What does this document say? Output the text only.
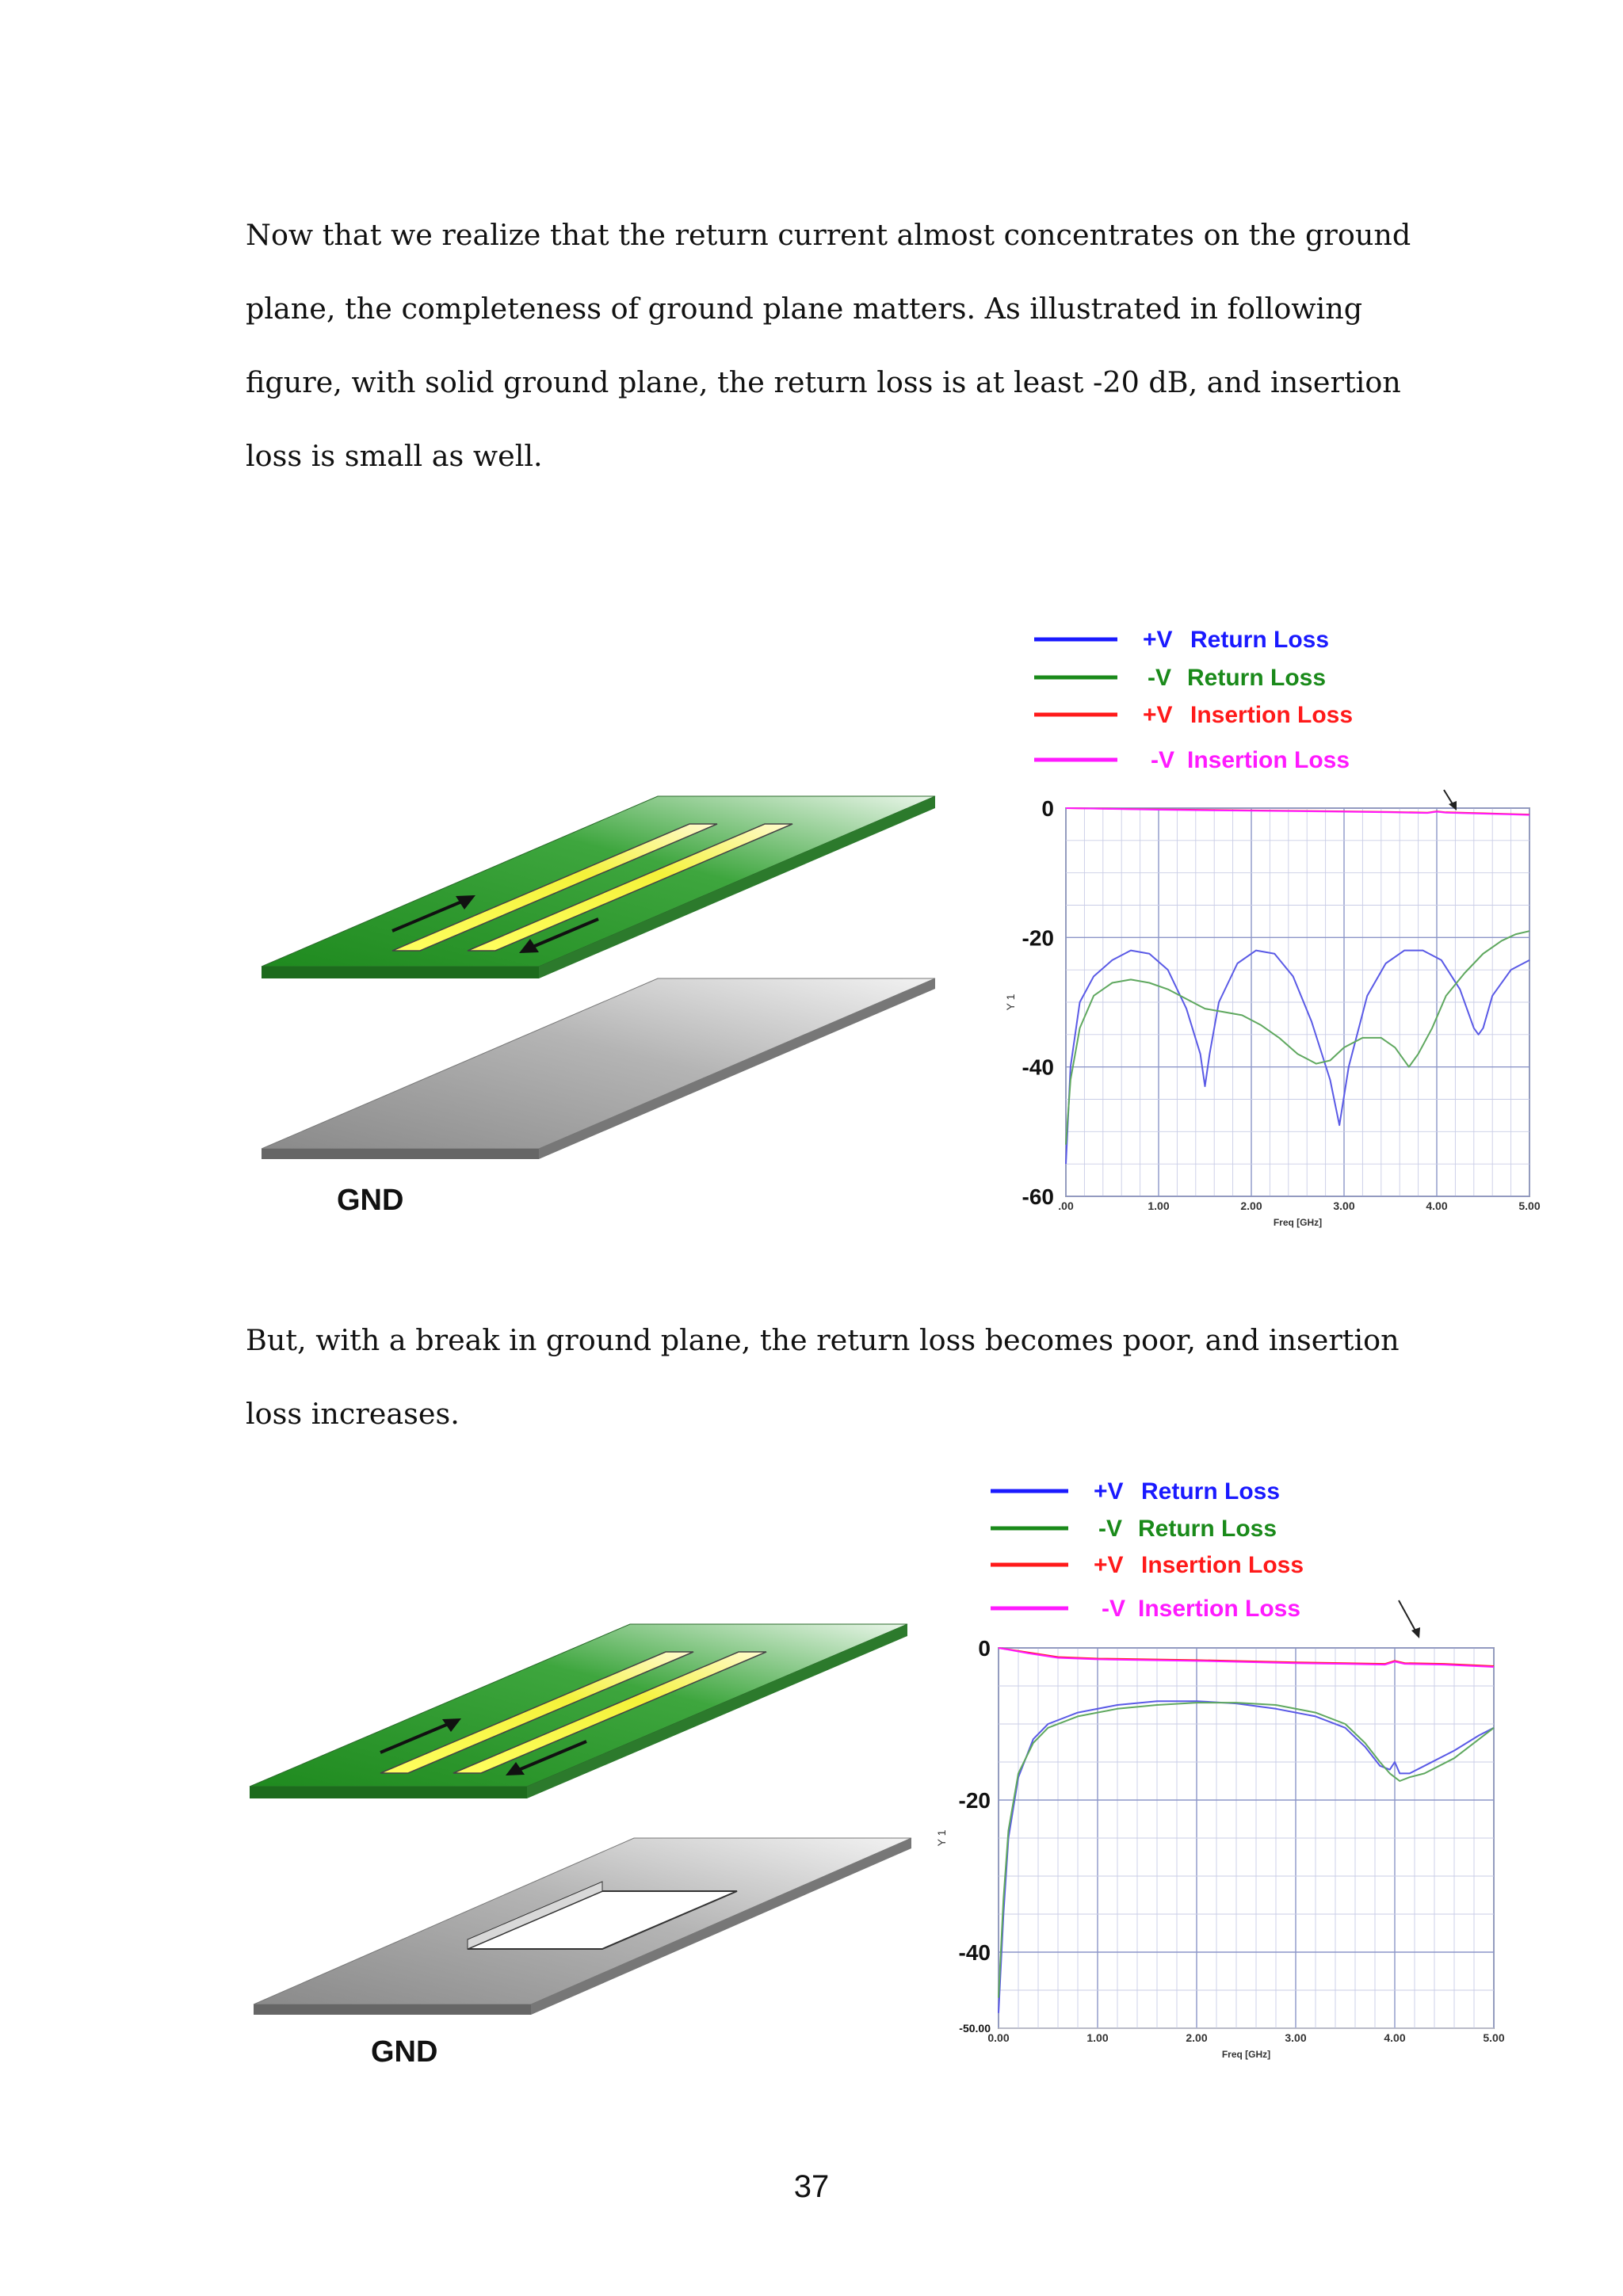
Now that we realize that the return current almost concentrates on the ground plane, the completeness of ground plane matters. As illustrated in following figure, with solid ground plane, the return loss is at least -20 dB, and insertion loss is small as well.

GND
+V Return Loss
-V Return Loss
+V Insertion Loss
-V Insertion Loss
.00	1.00	2.00	3.00	4.00	5.00
0
-20
-40
-60
Freq [GHz]
Y 1

But, with a break in ground plane, the return loss becomes poor, and insertion loss increases.

GND
+V Return Loss
-V Return Loss
+V Insertion Loss
-V Insertion Loss
0.00	1.00	2.00	3.00	4.00	5.00
0
-20
-40
-50.00
Freq [GHz]
Y 1
37
